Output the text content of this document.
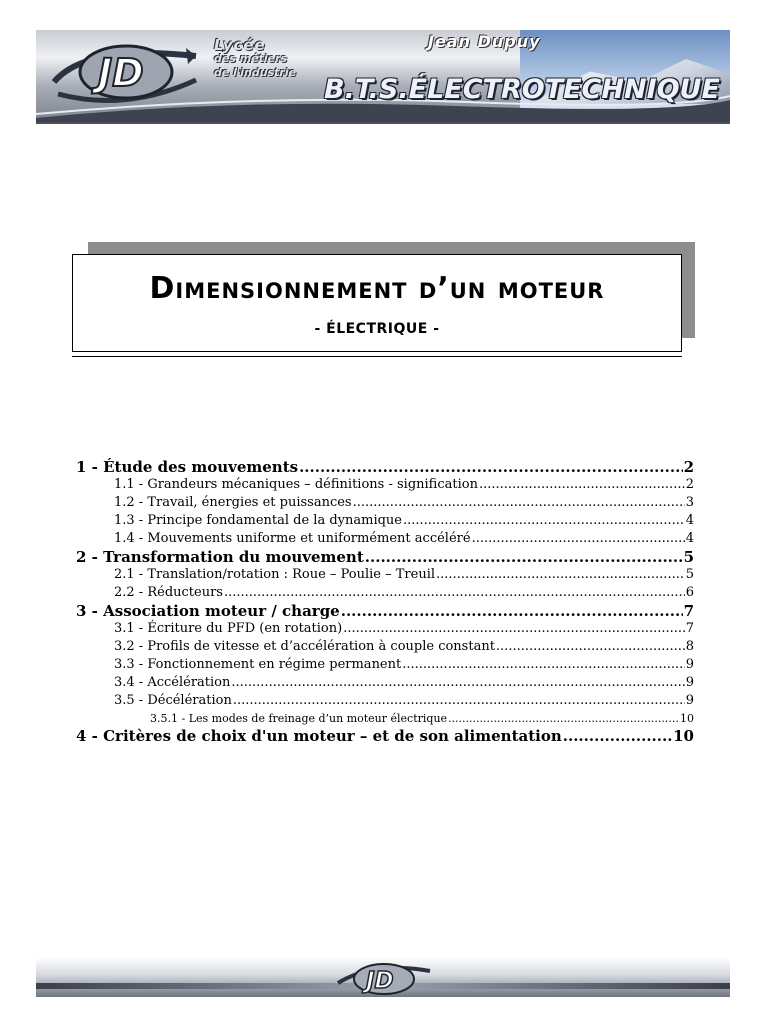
JD
Lycée
des métiers
de l'industrie
Jean Dupuy
B.T.S.ÉLECTROTECHNIQUE
Dimensionnement d’un moteur
- ÉLECTRIQUE -
1 - Étude des mouvements .....	2
1.1 - Grandeurs mécaniques – définitions - signification .....	2
1.2 - Travail, énergies et puissances .....	3
1.3 - Principe fondamental de la dynamique .....	4
1.4 - Mouvements uniforme et uniformément accéléré .....	4
2 - Transformation du mouvement .....	5
2.1 - Translation/rotation : Roue – Poulie – Treuil .....	5
2.2 - Réducteurs .....	6
3 - Association moteur / charge .....	7
3.1 - Écriture du PFD (en rotation) .....	7
3.2 - Profils de vitesse et d’accélération à couple constant .....	8
3.3 - Fonctionnement en régime permanent .....	9
3.4 - Accélération .....	9
3.5 - Décélération .....	9
3.5.1 - Les modes de freinage d’un moteur électrique .....	10
4 - Critères de choix d'un moteur – et de son alimentation .....	10
JD
